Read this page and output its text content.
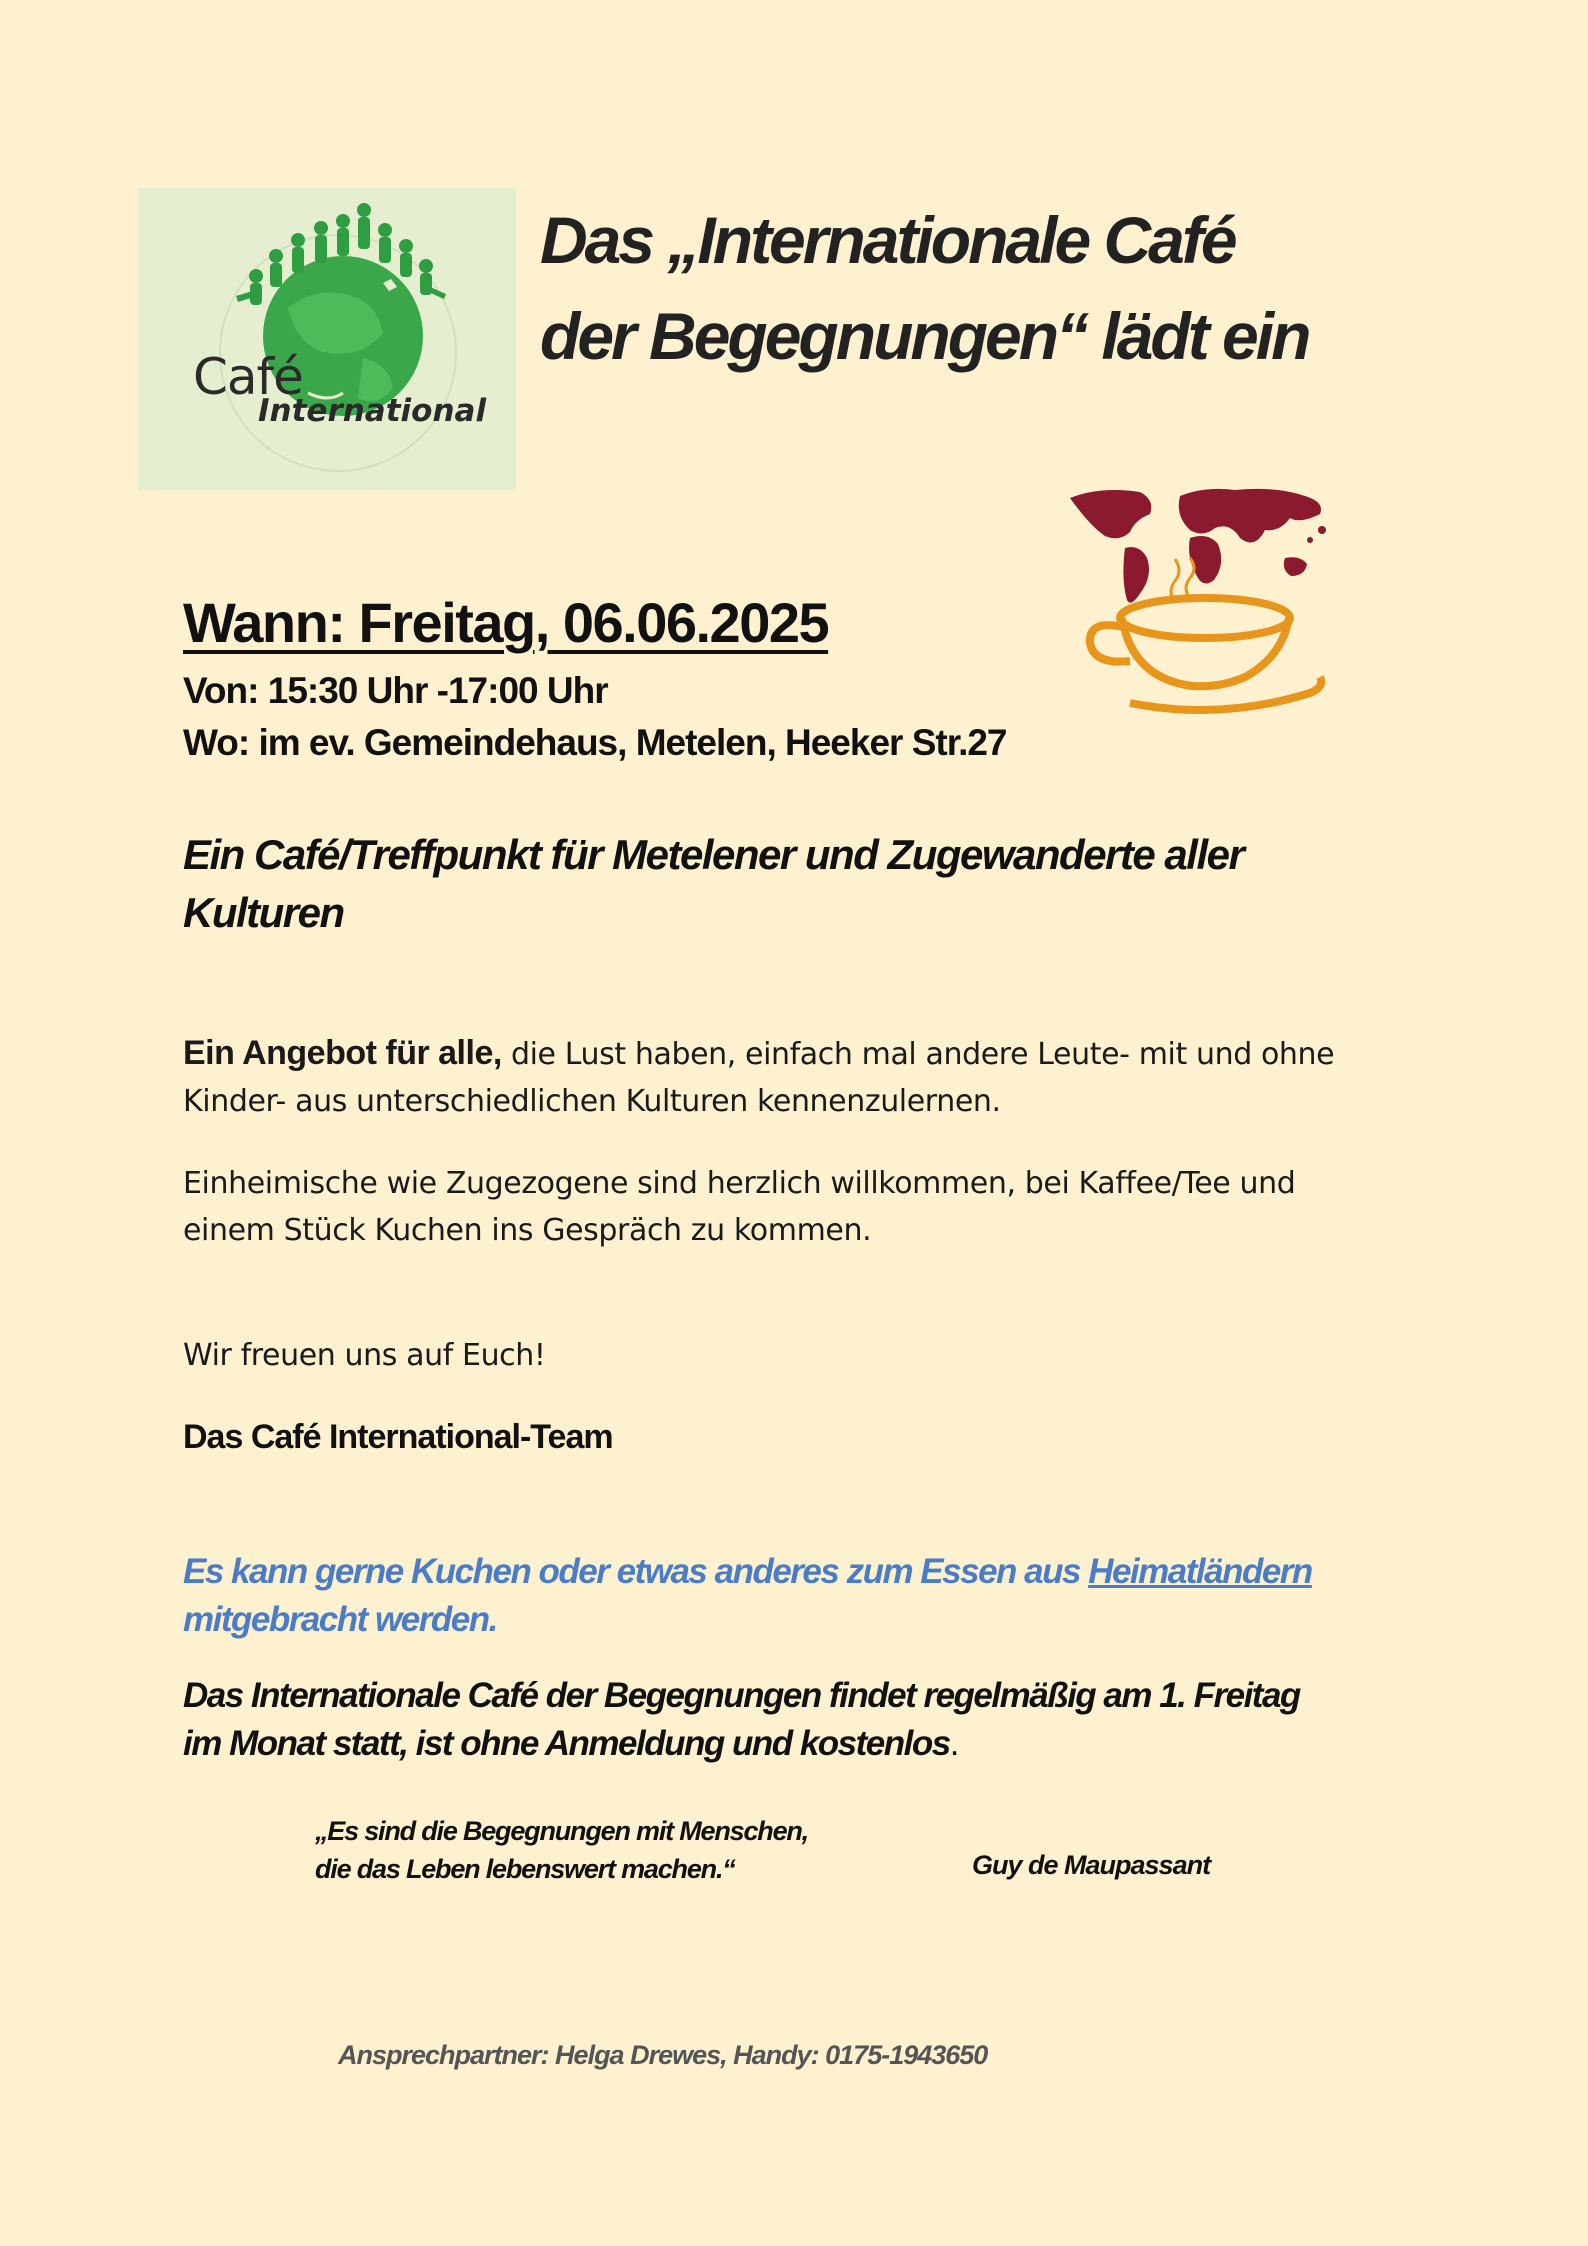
Café
International
Das „Internationale Café
der Begegnungen“ lädt ein
Wann: Freitag, 06.06.2025
Von: 15:30 Uhr -17:00 Uhr
Wo: im ev. Gemeindehaus, Metelen, Heeker Str.27
Ein Café/Treffpunkt für Metelener und Zugewanderte aller
Kulturen
Ein Angebot für alle, die Lust haben, einfach mal andere Leute- mit und ohne
Kinder- aus unterschiedlichen Kulturen kennenzulernen.
Einheimische wie Zugezogene sind herzlich willkommen, bei Kaffee/Tee und
einem Stück Kuchen ins Gespräch zu kommen.
Wir freuen uns auf Euch!
Das Café International-Team
Es kann gerne Kuchen oder etwas anderes zum Essen aus Heimatländern
mitgebracht werden.
Das Internationale Café der Begegnungen findet regelmäßig am 1. Freitag
im Monat statt, ist ohne Anmeldung und kostenlos.
„Es sind die Begegnungen mit Menschen,
die das Leben lebenswert machen.“	Guy de Maupassant
Ansprechpartner: Helga Drewes, Handy: 0175-1943650
